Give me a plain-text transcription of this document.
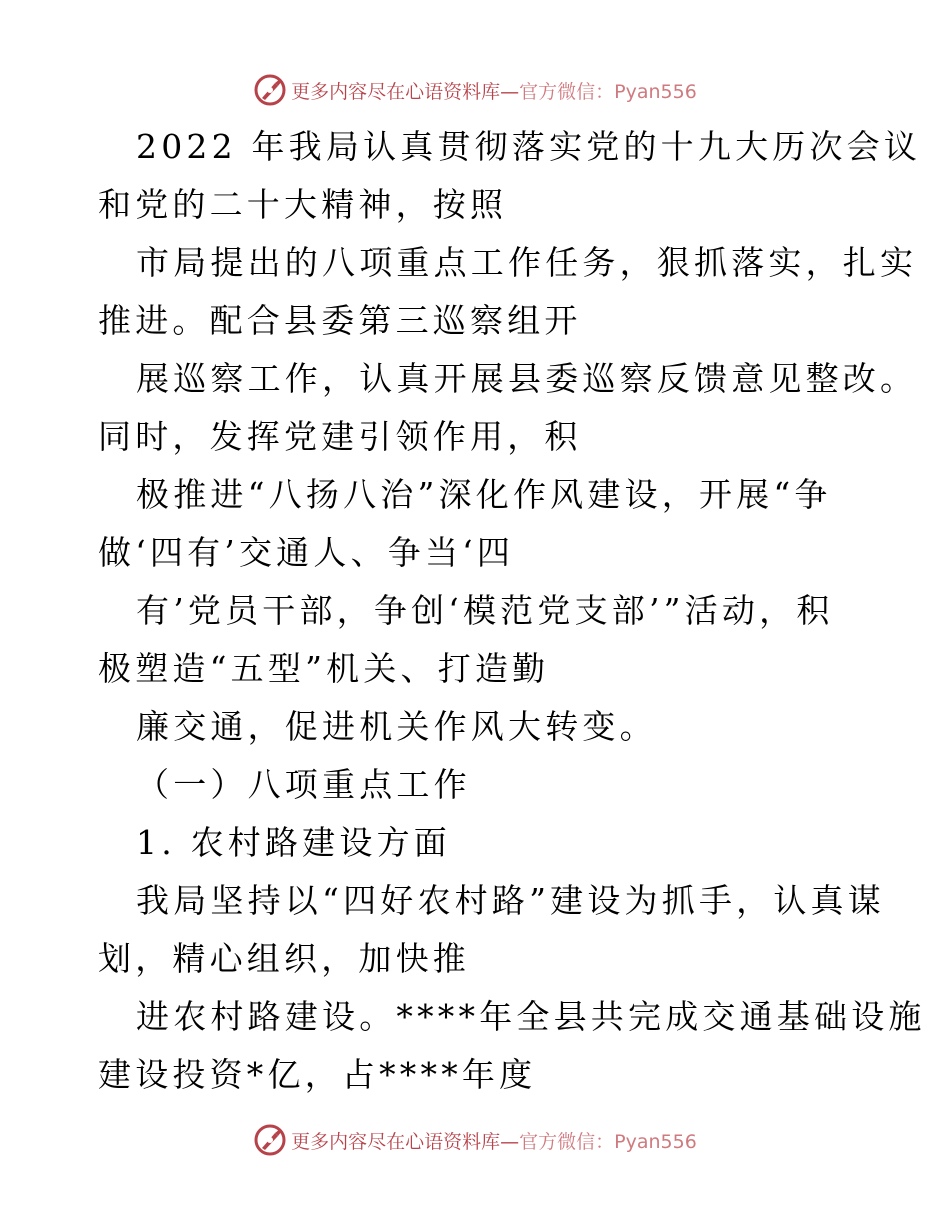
更多内容尽在心语资料库—官方微信：Pyan556
2022 年我局认真贯彻落实党的十九大历次会议
和党的二十大精神，按照
市局提出的八项重点工作任务，狠抓落实，扎实
推进。配合县委第三巡察组开
展巡察工作，认真开展县委巡察反馈意见整改。
同时，发挥党建引领作用，积
极推进“八扬八治”深化作风建设，开展“争
做‘四有’交通人、争当‘四
有’党员干部，争创‘模范党支部’”活动，积
极塑造“五型”机关、打造勤
廉交通，促进机关作风大转变。
（一）八项重点工作
1. 农村路建设方面
我局坚持以“四好农村路”建设为抓手，认真谋
划，精心组织，加快推
进农村路建设。****年全县共完成交通基础设施
建设投资*亿，占****年度
更多内容尽在心语资料库—官方微信：Pyan556
